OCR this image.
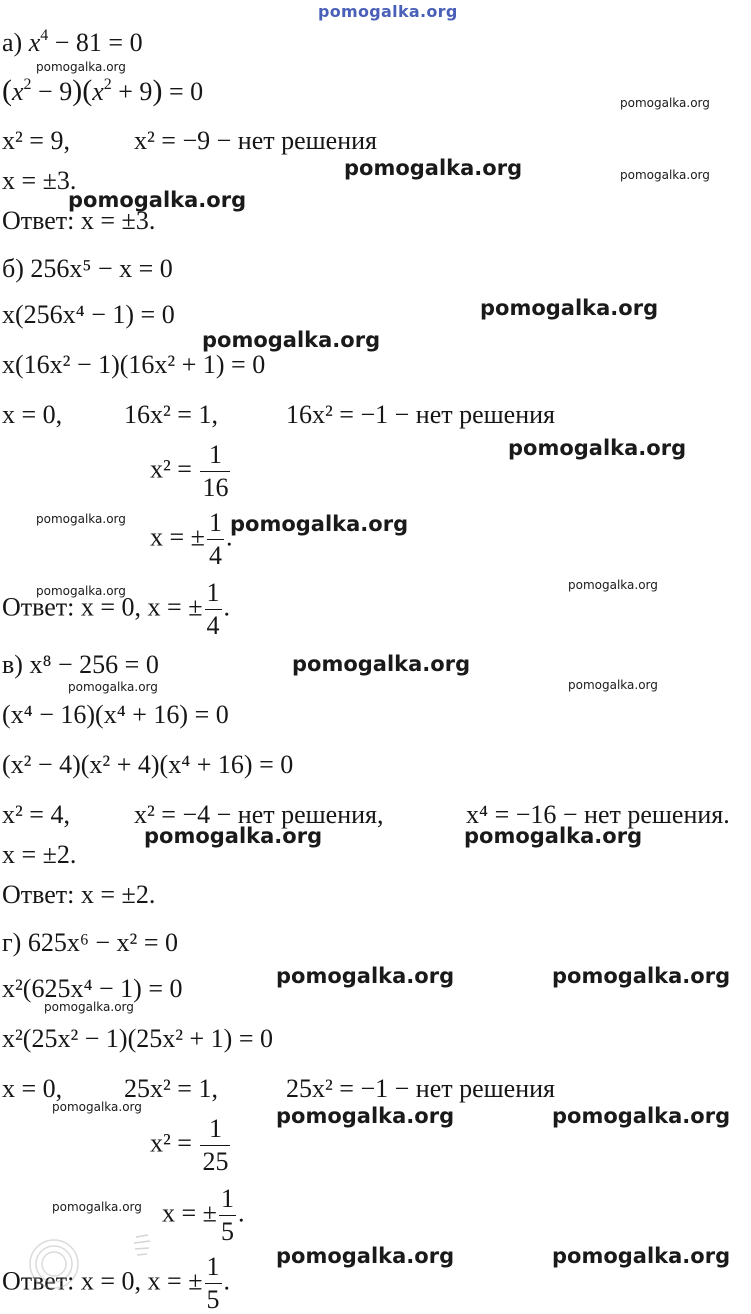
pomogalka.org
а) $x^4 - 81 = 0$
$(x^2 - 9)(x^2 + 9) = 0$
x² = 9, x² = −9 − нет решения
x = ±3.
Ответ: x = ±3.
б) 256x⁵ − x = 0
x(256x⁴ − 1) = 0
x(16x² − 1)(16x² + 1) = 0
x = 0, 16x² = 1,	16x² = −1 − нет решения
$x^2 = \frac{1}{16}$
x = ± $\frac{1}{4}$ .
Ответ: x = 0, x = ± $\frac{1}{4}$ .
в) x⁸ − 256 = 0
(x⁴ − 16)(x⁴ + 16) = 0
(x² − 4)(x² + 4)(x⁴ + 16) = 0
x² = 4, x² = −4 − нет решения,	x⁴ = −16 − нет решения.
x = ±2.
Ответ: x = ±2.
г) 625x⁶ − x² = 0
x²(625x⁴ − 1) = 0
x²(25x² − 1)(25x² + 1) = 0
x = 0, 25x² = 1,	25x² = −1 − нет решения
$x^2 = \frac{1}{25}$
x = ± $\frac{1}{5}$ .
Ответ: x = 0, x = ± $\frac{1}{5}$ .
pomogalka.org
pomogalka.org
pomogalka.org	pomogalka.org
pomogalka.org
pomogalka.org
pomogalka.org
pomogalka.org
pomogalka.org	pomogalka.org
pomogalka.org
pomogalka.org
pomogalka.org
pomogalka.org
pomogalka.org
pomogalka.org	pomogalka.org
pomogalka.org	pomogalka.org
pomogalka.org
pomogalka.org	pomogalka.org	pomogalka.org
pomogalka.org
pomogalka.org	pomogalka.org
